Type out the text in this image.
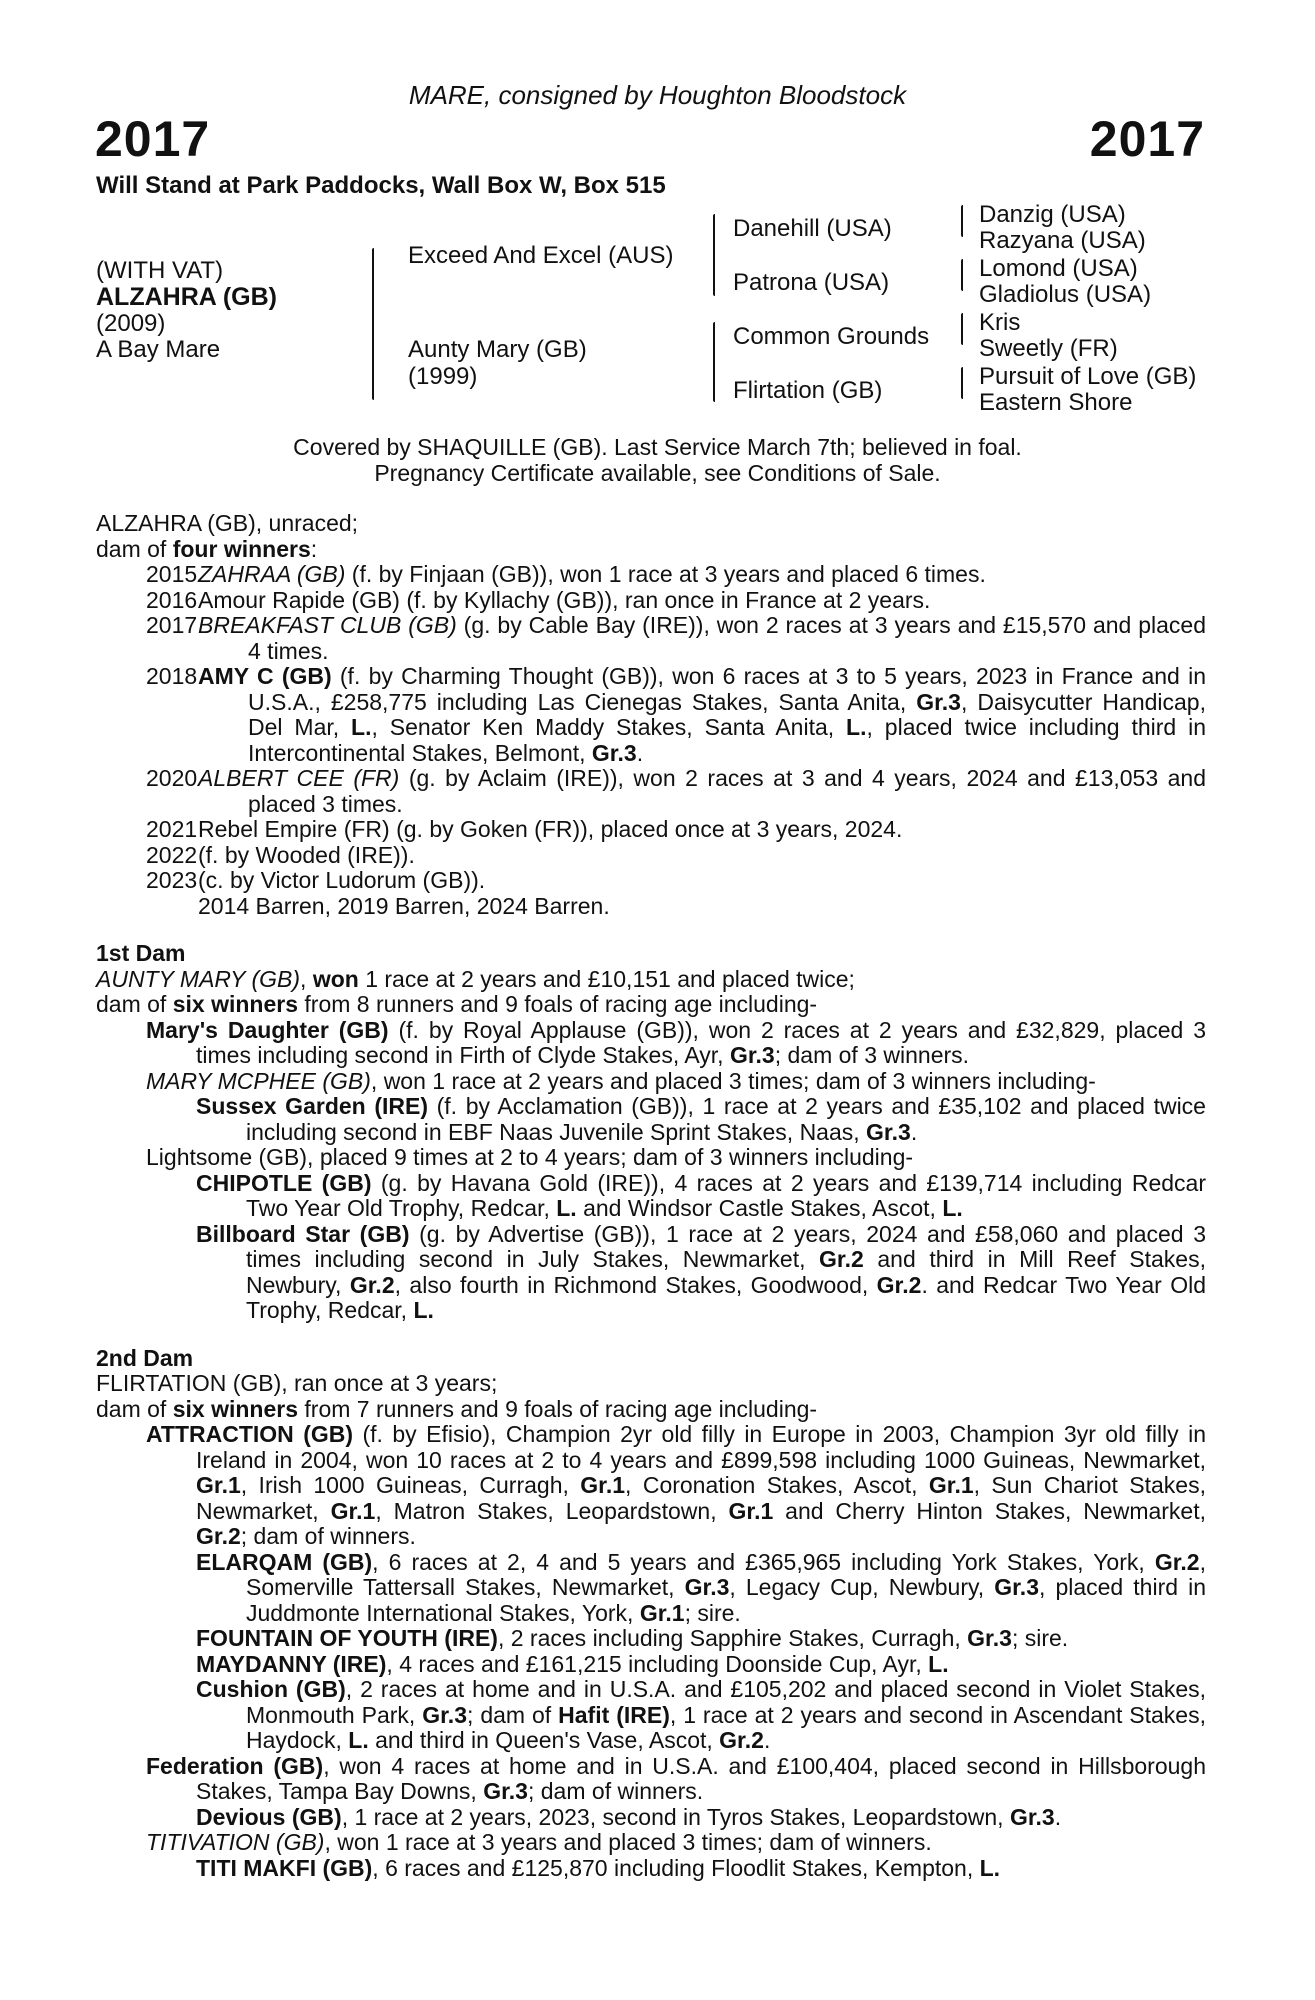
MARE, consigned by Houghton Bloodstock
2017	2017
Will Stand at Park Paddocks, Wall Box W, Box 515
(WITH VAT)
ALZAHRA (GB)
(2009)
A Bay Mare
Exceed And Excel (AUS)
Aunty Mary (GB)
(1999)
Danehill (USA)
Patrona (USA)
Common Grounds
Flirtation (GB)
Danzig (USA)
Razyana (USA)
Lomond (USA)
Gladiolus (USA)
Kris
Sweetly (FR)
Pursuit of Love (GB)
Eastern Shore
Covered by SHAQUILLE (GB). Last Service March 7th; believed in foal.
Pregnancy Certificate available, see Conditions of Sale.

ALZAHRA (GB), unraced;

dam of four winners:

2015 ZAHRAA (GB) (f. by Finjaan (GB)), won 1 race at 3 years and placed 6 times.
2016 Amour Rapide (GB) (f. by Kyllachy (GB)), ran once in France at 2 years.
2017 BREAKFAST CLUB (GB) (g. by Cable Bay (IRE)), won 2 races at 3 years and £15,570 and placed 4 times.
2018 AMY C (GB) (f. by Charming Thought (GB)), won 6 races at 3 to 5 years, 2023 in France and in U.S.A., £258,775 including Las Cienegas Stakes, Santa Anita, Gr.3, Daisycutter Handicap, Del Mar, L., Senator Ken Maddy Stakes, Santa Anita, L., placed twice including third in Intercontinental Stakes, Belmont, Gr.3.
2020 ALBERT CEE (FR) (g. by Aclaim (IRE)), won 2 races at 3 and 4 years, 2024 and £13,053 and placed 3 times.
2021 Rebel Empire (FR) (g. by Goken (FR)), placed once at 3 years, 2024.
2022 (f. by Wooded (IRE)).
2023 (c. by Victor Ludorum (GB)).
2014 Barren, 2019 Barren, 2024 Barren.

1st Dam

AUNTY MARY (GB), won 1 race at 2 years and £10,151 and placed twice;

dam of six winners from 8 runners and 9 foals of racing age including-

Mary's Daughter (GB) (f. by Royal Applause (GB)), won 2 races at 2 years and £32,829, placed 3 times including second in Firth of Clyde Stakes, Ayr, Gr.3; dam of 3 winners.

MARY MCPHEE (GB), won 1 race at 2 years and placed 3 times; dam of 3 winners including-

Sussex Garden (IRE) (f. by Acclamation (GB)), 1 race at 2 years and £35,102 and placed twice including second in EBF Naas Juvenile Sprint Stakes, Naas, Gr.3.

Lightsome (GB), placed 9 times at 2 to 4 years; dam of 3 winners including-

CHIPOTLE (GB) (g. by Havana Gold (IRE)), 4 races at 2 years and £139,714 including Redcar Two Year Old Trophy, Redcar, L. and Windsor Castle Stakes, Ascot, L.

Billboard Star (GB) (g. by Advertise (GB)), 1 race at 2 years, 2024 and £58,060 and placed 3 times including second in July Stakes, Newmarket, Gr.2 and third in Mill Reef Stakes, Newbury, Gr.2, also fourth in Richmond Stakes, Goodwood, Gr.2. and Redcar Two Year Old Trophy, Redcar, L.

2nd Dam

FLIRTATION (GB), ran once at 3 years;

dam of six winners from 7 runners and 9 foals of racing age including-

ATTRACTION (GB) (f. by Efisio), Champion 2yr old filly in Europe in 2003, Champion 3yr old filly in Ireland in 2004, won 10 races at 2 to 4 years and £899,598 including 1000 Guineas, Newmarket, Gr.1, Irish 1000 Guineas, Curragh, Gr.1, Coronation Stakes, Ascot, Gr.1, Sun Chariot Stakes, Newmarket, Gr.1, Matron Stakes, Leopardstown, Gr.1 and Cherry Hinton Stakes, Newmarket, Gr.2; dam of winners.

ELARQAM (GB), 6 races at 2, 4 and 5 years and £365,965 including York Stakes, York, Gr.2, Somerville Tattersall Stakes, Newmarket, Gr.3, Legacy Cup, Newbury, Gr.3, placed third in Juddmonte International Stakes, York, Gr.1; sire.

FOUNTAIN OF YOUTH (IRE), 2 races including Sapphire Stakes, Curragh, Gr.3; sire.

MAYDANNY (IRE), 4 races and £161,215 including Doonside Cup, Ayr, L.

Cushion (GB), 2 races at home and in U.S.A. and £105,202 and placed second in Violet Stakes, Monmouth Park, Gr.3; dam of Hafit (IRE), 1 race at 2 years and second in Ascendant Stakes, Haydock, L. and third in Queen's Vase, Ascot, Gr.2.

Federation (GB), won 4 races at home and in U.S.A. and £100,404, placed second in Hillsborough Stakes, Tampa Bay Downs, Gr.3; dam of winners.

Devious (GB), 1 race at 2 years, 2023, second in Tyros Stakes, Leopardstown, Gr.3.

TITIVATION (GB), won 1 race at 3 years and placed 3 times; dam of winners.

TITI MAKFI (GB), 6 races and £125,870 including Floodlit Stakes, Kempton, L.
